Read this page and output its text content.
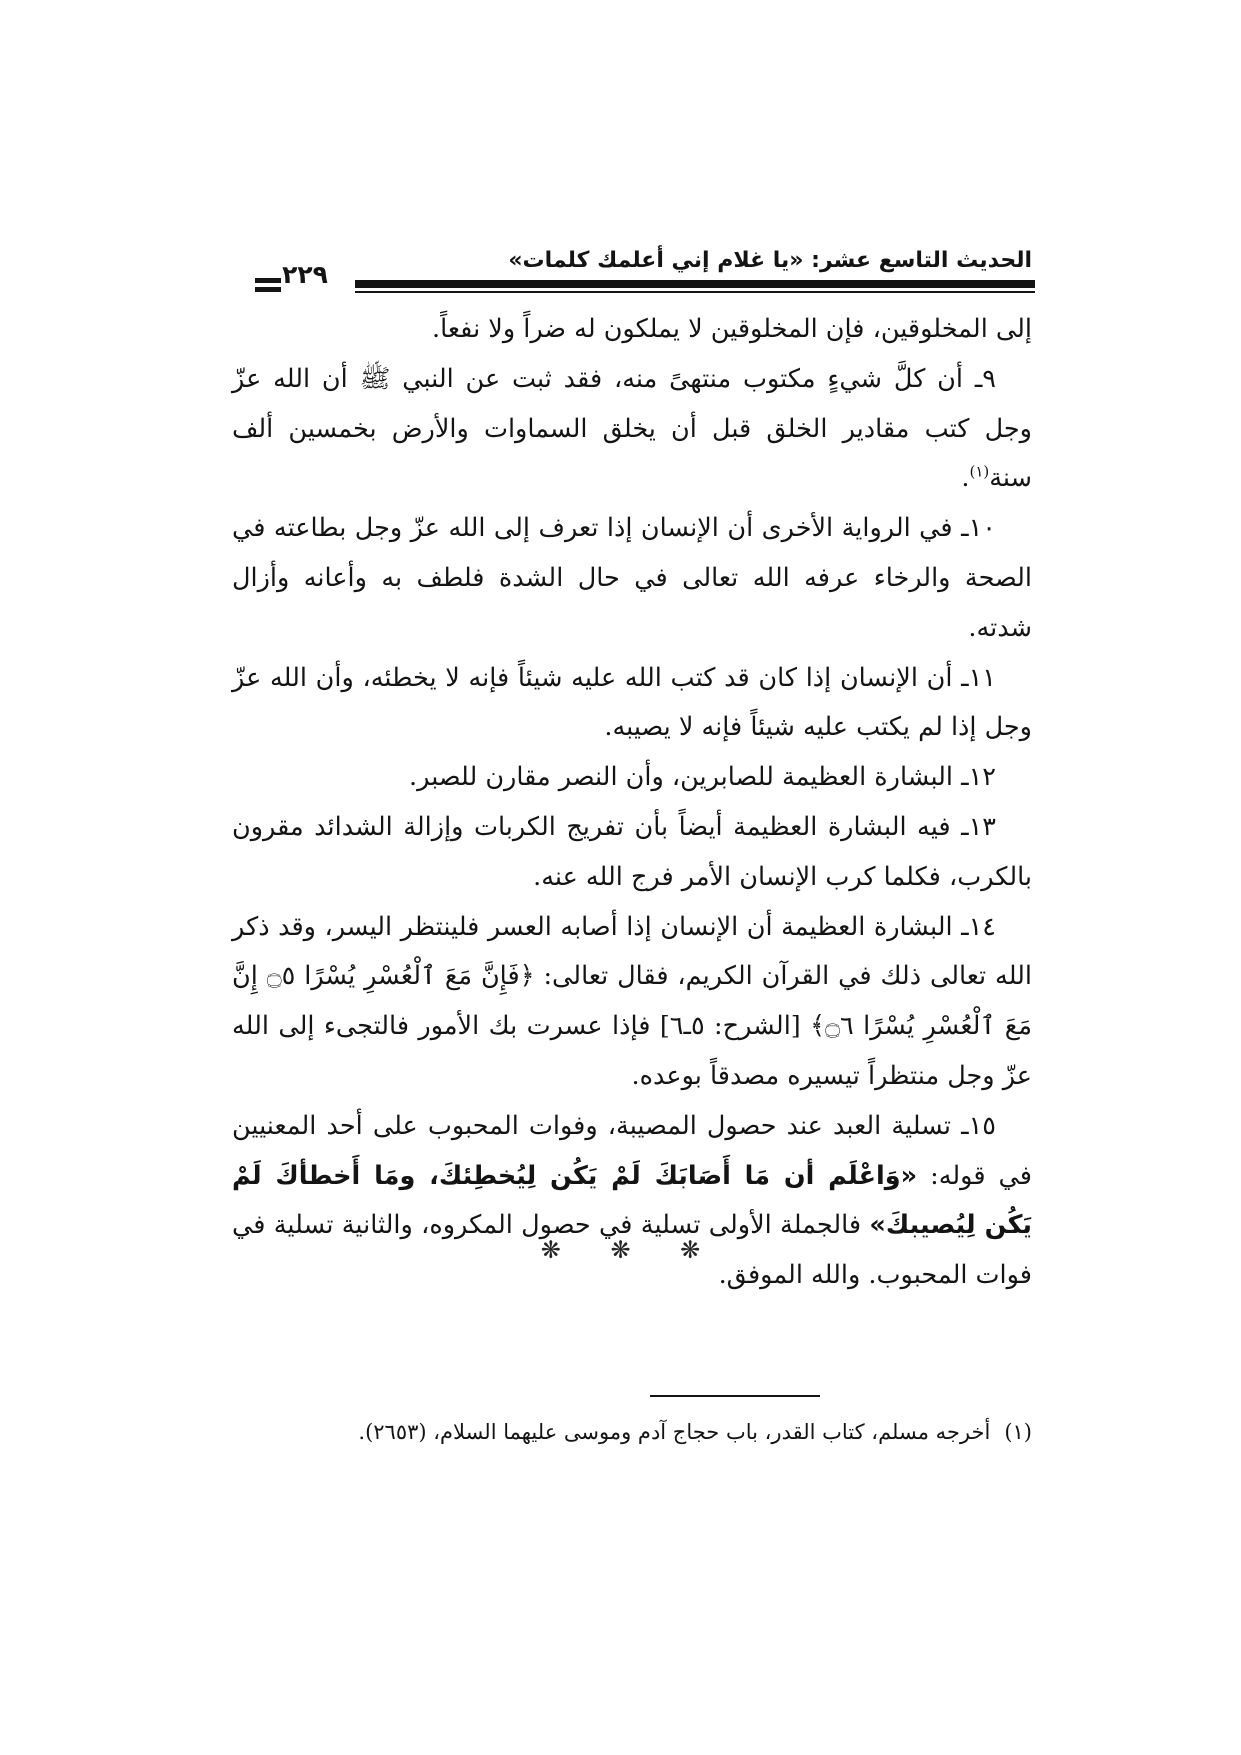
الحديث التاسع عشر: «يا غلام إني أعلمك كلمات»
٢٢٩

إلى المخلوقين، فإن المخلوقين لا يملكون له ضراً ولا نفعاً.

٩ـ أن كلَّ شيءٍ مكتوب منتهىً منه، فقد ثبت عن النبي ﷺ أن الله عزّ وجل كتب مقادير الخلق قبل أن يخلق السماوات والأرض بخمسين ألف سنة$^{(١)}$.

١٠ـ في الرواية الأخرى أن الإنسان إذا تعرف إلى الله عزّ وجل بطاعته في الصحة والرخاء عرفه الله تعالى في حال الشدة فلطف به وأعانه وأزال شدته.

١١ـ أن الإنسان إذا كان قد كتب الله عليه شيئاً فإنه لا يخطئه، وأن الله عزّ وجل إذا لم يكتب عليه شيئاً فإنه لا يصيبه.

١٢ـ البشارة العظيمة للصابرين، وأن النصر مقارن للصبر.

١٣ـ فيه البشارة العظيمة أيضاً بأن تفريج الكربات وإزالة الشدائد مقرون بالكرب، فكلما كرب الإنسان الأمر فرج الله عنه.

١٤ـ البشارة العظيمة أن الإنسان إذا أصابه العسر فلينتظر اليسر، وقد ذكر الله تعالى ذلك في القرآن الكريم، فقال تعالى: ﴿فَإِنَّ مَعَ ٱلْعُسْرِ يُسْرًا ۝٥ إِنَّ مَعَ ٱلْعُسْرِ يُسْرًا ۝٦﴾ [الشرح: ٥ـ٦] فإذا عسرت بك الأمور فالتجىء إلى الله عزّ وجل منتظراً تيسيره مصدقاً بوعده.

١٥ـ تسلية العبد عند حصول المصيبة، وفوات المحبوب على أحد المعنيين في قوله: «وَاعْلَم أن مَا أَصَابَكَ لَمْ يَكُن لِيُخطِئكَ، ومَا أَخطأكَ لَمْ يَكُن لِيُصيبكَ» فالجملة الأولى تسلية في حصول المكروه، والثانية تسلية في فوات المحبوب. والله الموفق.

❋ ❋ ❋
(١)أخرجه مسلم، كتاب القدر، باب حجاج آدم وموسى عليهما السلام، (٢٦٥٣).
